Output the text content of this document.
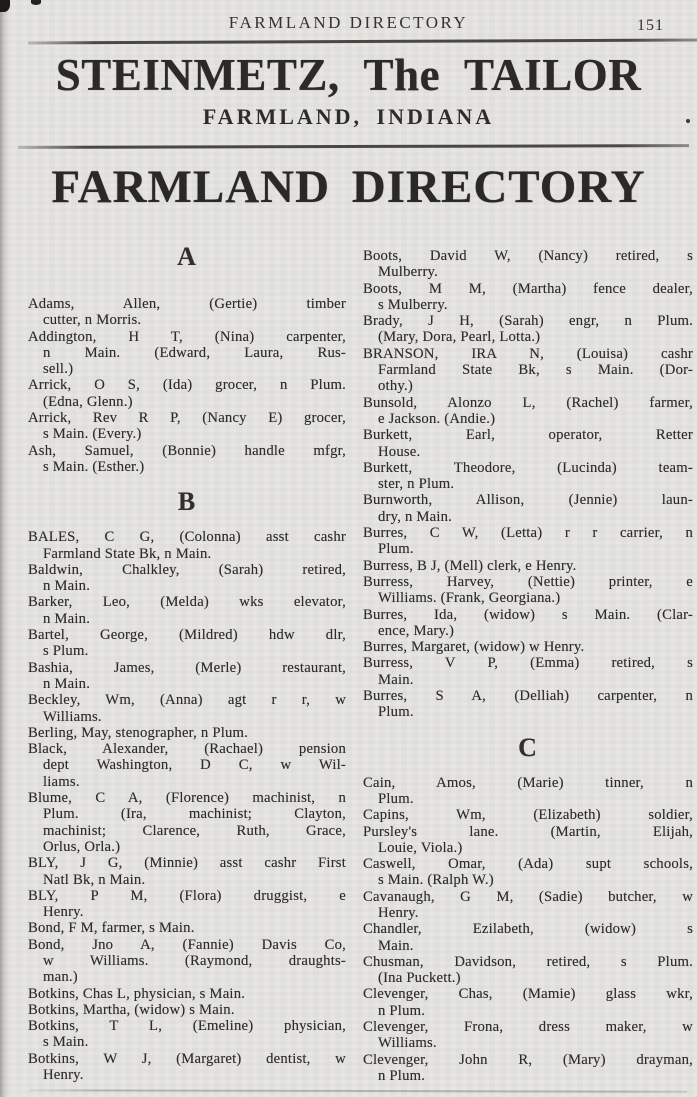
FARMLAND DIRECTORY	151
STEINMETZ, The TAILOR
FARMLAND, INDIANA
FARMLAND DIRECTORY
A
Adams, Allen, (Gertie) timber
cutter, n Morris.
Addington, H T, (Nina) carpenter,
n Main. (Edward, Laura, Rus-
sell.)
Arrick, O S, (Ida) grocer, n Plum.
(Edna, Glenn.)
Arrick, Rev R P, (Nancy E) grocer,
s Main. (Every.)
Ash, Samuel, (Bonnie) handle mfgr,
s Main. (Esther.)
B
BALES, C G, (Colonna) asst cashr
Farmland State Bk, n Main.
Baldwin, Chalkley, (Sarah) retired,
n Main.
Barker, Leo, (Melda) wks elevator,
n Main.
Bartel, George, (Mildred) hdw dlr,
s Plum.
Bashia, James, (Merle) restaurant,
n Main.
Beckley, Wm, (Anna) agt r r, w
Williams.
Berling, May, stenographer, n Plum.
Black, Alexander, (Rachael) pension
dept Washington, D C, w Wil-
liams.
Blume, C A, (Florence) machinist, n
Plum. (Ira, machinist; Clayton,
machinist; Clarence, Ruth, Grace,
Orlus, Orla.)
BLY, J G, (Minnie) asst cashr First
Natl Bk, n Main.
BLY, P M, (Flora) druggist, e
Henry.
Bond, F M, farmer, s Main.
Bond, Jno A, (Fannie) Davis Co,
w Williams. (Raymond, draughts-
man.)
Botkins, Chas L, physician, s Main.
Botkins, Martha, (widow) s Main.
Botkins, T L, (Emeline) physician,
s Main.
Botkins, W J, (Margaret) dentist, w
Henry.
Boots, David W, (Nancy) retired, s
Mulberry.
Boots, M M, (Martha) fence dealer,
s Mulberry.
Brady, J H, (Sarah) engr, n Plum.
(Mary, Dora, Pearl, Lotta.)
BRANSON, IRA N, (Louisa) cashr
Farmland State Bk, s Main. (Dor-
othy.)
Bunsold, Alonzo L, (Rachel) farmer,
e Jackson. (Andie.)
Burkett, Earl, operator, Retter
House.
Burkett, Theodore, (Lucinda) team-
ster, n Plum.
Burnworth, Allison, (Jennie) laun-
dry, n Main.
Burres, C W, (Letta) r r carrier, n
Plum.
Burress, B J, (Mell) clerk, e Henry.
Burress, Harvey, (Nettie) printer, e
Williams. (Frank, Georgiana.)
Burres, Ida, (widow) s Main. (Clar-
ence, Mary.)
Burres, Margaret, (widow) w Henry.
Burress, V P, (Emma) retired, s
Main.
Burres, S A, (Delliah) carpenter, n
Plum.
C
Cain, Amos, (Marie) tinner, n
Plum.
Capins, Wm, (Elizabeth) soldier,
Pursley's lane. (Martin, Elijah,
Louie, Viola.)
Caswell, Omar, (Ada) supt schools,
s Main. (Ralph W.)
Cavanaugh, G M, (Sadie) butcher, w
Henry.
Chandler, Ezilabeth, (widow) s
Main.
Chusman, Davidson, retired, s Plum.
(Ina Puckett.)
Clevenger, Chas, (Mamie) glass wkr,
n Plum.
Clevenger, Frona, dress maker, w
Williams.
Clevenger, John R, (Mary) drayman,
n Plum.
